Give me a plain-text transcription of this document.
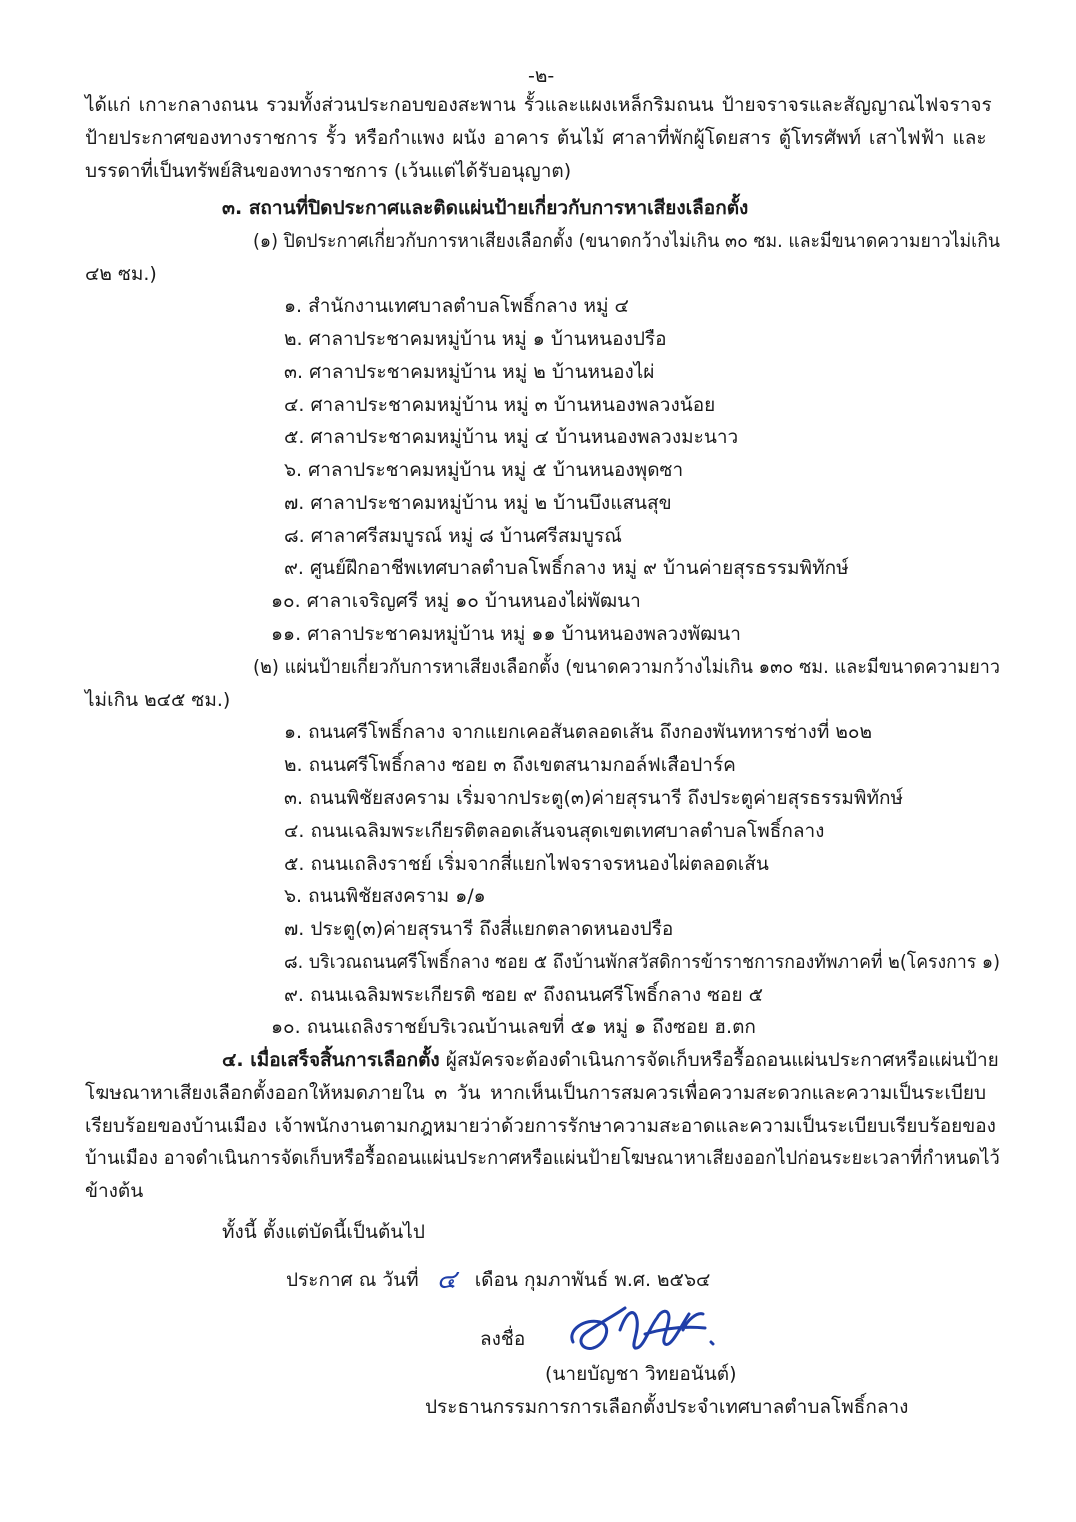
-๒-
ได้แก่ เกาะกลางถนน รวมทั้งส่วนประกอบของสะพาน รั้วและแผงเหล็กริมถนน ป้ายจราจรและสัญญาณไฟจราจร
ป้ายประกาศของทางราชการ รั้ว หรือกำแพง ผนัง อาคาร ต้นไม้ ศาลาที่พักผู้โดยสาร ตู้โทรศัพท์ เสาไฟฟ้า และ
บรรดาที่เป็นทรัพย์สินของทางราชการ (เว้นแต่ได้รับอนุญาต)
๓. สถานที่ปิดประกาศและติดแผ่นป้ายเกี่ยวกับการหาเสียงเลือกตั้ง
(๑) ปิดประกาศเกี่ยวกับการหาเสียงเลือกตั้ง (ขนาดกว้างไม่เกิน ๓๐ ซม. และมีขนาดความยาวไม่เกิน
๔๒ ซม.)
๑. สำนักงานเทศบาลตำบลโพธิ์กลาง หมู่ ๔
๒. ศาลาประชาคมหมู่บ้าน หมู่ ๑ บ้านหนองปรือ
๓. ศาลาประชาคมหมู่บ้าน หมู่ ๒ บ้านหนองไผ่
๔. ศาลาประชาคมหมู่บ้าน หมู่ ๓ บ้านหนองพลวงน้อย
๕. ศาลาประชาคมหมู่บ้าน หมู่ ๔ บ้านหนองพลวงมะนาว
๖. ศาลาประชาคมหมู่บ้าน หมู่ ๕ บ้านหนองพุดซา
๗. ศาลาประชาคมหมู่บ้าน หมู่ ๒ บ้านบึงแสนสุข
๘. ศาลาศรีสมบูรณ์ หมู่ ๘ บ้านศรีสมบูรณ์
๙. ศูนย์ฝึกอาชีพเทศบาลตำบลโพธิ์กลาง หมู่ ๙ บ้านค่ายสุรธรรมพิทักษ์
๑๐. ศาลาเจริญศรี หมู่ ๑๐ บ้านหนองไผ่พัฒนา
๑๑. ศาลาประชาคมหมู่บ้าน หมู่ ๑๑ บ้านหนองพลวงพัฒนา
(๒) แผ่นป้ายเกี่ยวกับการหาเสียงเลือกตั้ง (ขนาดความกว้างไม่เกิน ๑๓๐ ซม. และมีขนาดความยาว
ไม่เกิน ๒๔๕ ซม.)
๑. ถนนศรีโพธิ์กลาง จากแยกเคอสันตลอดเส้น ถึงกองพันทหารช่างที่ ๒๐๒
๒. ถนนศรีโพธิ์กลาง ซอย ๓ ถึงเขตสนามกอล์ฟเสือปาร์ค
๓. ถนนพิชัยสงคราม เริ่มจากประตู(๓)ค่ายสุรนารี ถึงประตูค่ายสุรธรรมพิทักษ์
๔. ถนนเฉลิมพระเกียรติตลอดเส้นจนสุดเขตเทศบาลตำบลโพธิ์กลาง
๕. ถนนเถลิงราชย์ เริ่มจากสี่แยกไฟจราจรหนองไผ่ตลอดเส้น
๖. ถนนพิชัยสงคราม ๑/๑
๗. ประตู(๓)ค่ายสุรนารี ถึงสี่แยกตลาดหนองปรือ
๘. บริเวณถนนศรีโพธิ์กลาง ซอย ๕ ถึงบ้านพักสวัสดิการข้าราชการกองทัพภาคที่ ๒(โครงการ ๑)
๙. ถนนเฉลิมพระเกียรติ ซอย ๙ ถึงถนนศรีโพธิ์กลาง ซอย ๕
๑๐. ถนนเถลิงราชย์บริเวณบ้านเลขที่ ๕๑ หมู่ ๑ ถึงซอย ฮ.ตก
๔. เมื่อเสร็จสิ้นการเลือกตั้ง ผู้สมัครจะต้องดำเนินการจัดเก็บหรือรื้อถอนแผ่นประกาศหรือแผ่นป้าย
โฆษณาหาเสียงเลือกตั้งออกให้หมดภายใน ๓ วัน หากเห็นเป็นการสมควรเพื่อความสะดวกและความเป็นระเบียบ
เรียบร้อยของบ้านเมือง เจ้าพนักงานตามกฎหมายว่าด้วยการรักษาความสะอาดและความเป็นระเบียบเรียบร้อยของ
บ้านเมือง อาจดำเนินการจัดเก็บหรือรื้อถอนแผ่นประกาศหรือแผ่นป้ายโฆษณาหาเสียงออกไปก่อนระยะเวลาที่กำหนดไว้
ข้างต้น
ทั้งนี้ ตั้งแต่บัดนี้เป็นต้นไป
ประกาศ ณ วันที่ ๔ เดือน กุมภาพันธ์ พ.ศ. ๒๕๖๔
ลงชื่อ
(นายบัญชา วิทยอนันต์)
ประธานกรรมการการเลือกตั้งประจำเทศบาลตำบลโพธิ์กลาง
